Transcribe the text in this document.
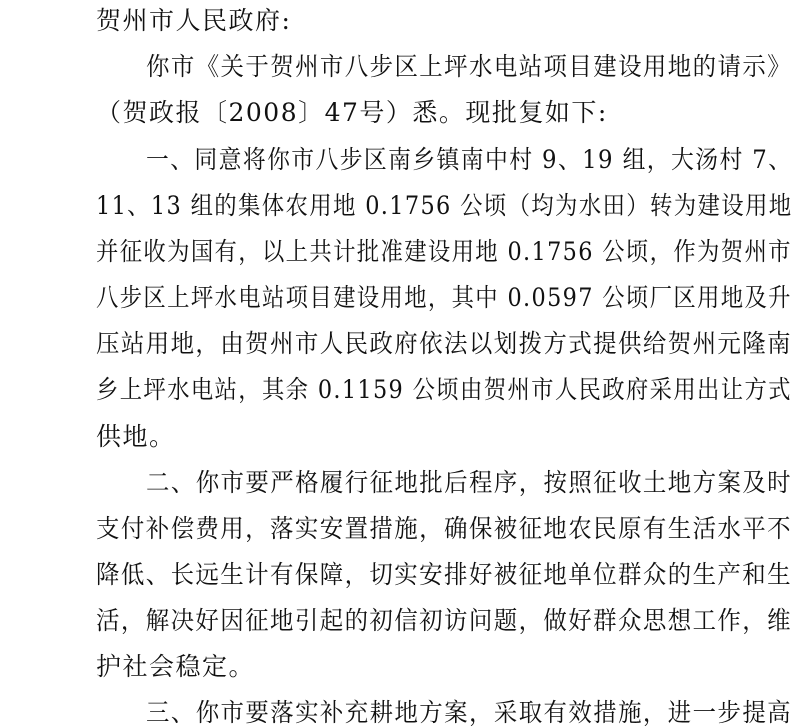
贺州市人民政府:
你市《关于贺州市八步区上坪水电站项目建设用地的请示》
（贺政报〔2008〕47号）悉。现批复如下:
一、同意将你市八步区南乡镇南中村 9、19 组，大汤村 7、
11、13 组的集体农用地 0.1756 公顷（均为水田）转为建设用地
并征收为国有，以上共计批准建设用地 0.1756 公顷，作为贺州市
八步区上坪水电站项目建设用地，其中 0.0597 公顷厂区用地及升
压站用地，由贺州市人民政府依法以划拨方式提供给贺州元隆南
乡上坪水电站，其余 0.1159 公顷由贺州市人民政府采用出让方式
供地。
二、你市要严格履行征地批后程序，按照征收土地方案及时
支付补偿费用，落实安置措施，确保被征地农民原有生活水平不
降低、长远生计有保障，切实安排好被征地单位群众的生产和生
活，解决好因征地引起的初信初访问题，做好群众思想工作，维
护社会稳定。
三、你市要落实补充耕地方案，采取有效措施，进一步提高
